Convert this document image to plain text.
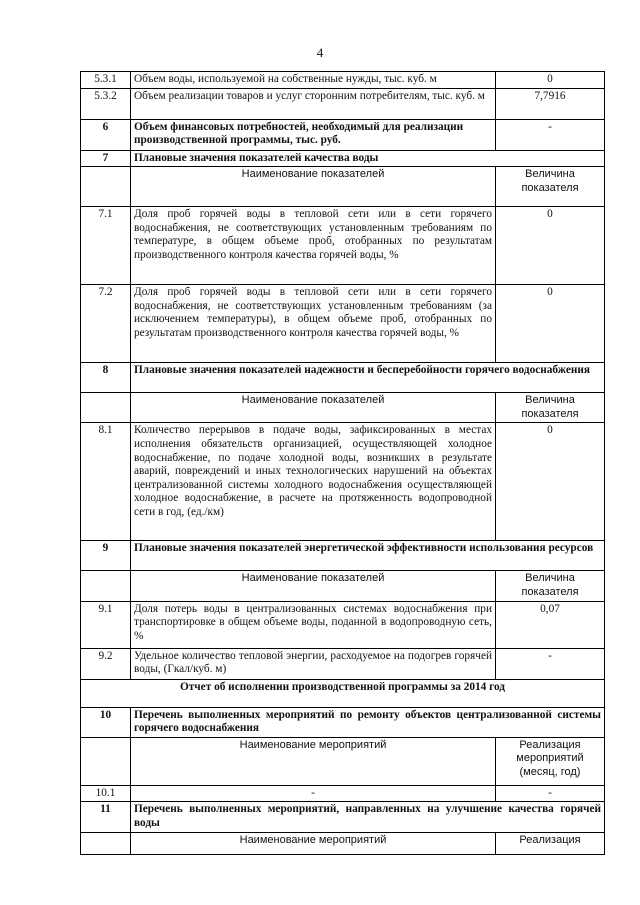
4
5.3.1	Объем воды, используемой на собственные нужды, тыс. куб. м	0
5.3.2	Объем реализации товаров и услуг сторонним потребителям, тыс. куб. м	7,7916
6	Объем финансовых потребностей, необходимый для реализации производственной программы, тыс. руб.	-
7	Плановые значения показателей качества воды	
	Наименование показателей	Величина показателя
7.1	Доля проб горячей воды в тепловой сети или в сети горячего водоснабжения, не соответствующих установленным требованиям по температуре, в общем объеме проб, отобранных по результатам производственного контроля качества горячей воды, %	0
7.2	Доля проб горячей воды в тепловой сети или в сети горячего водоснабжения, не соответствующих установленным требованиям (за исключением температуры), в общем объеме проб, отобранных по результатам производственного контроля качества горячей воды, %	0
8	Плановые значения показателей надежности и бесперебойности горячего водоснабжения	
	Наименование показателей	Величина показателя
8.1	Количество перерывов в подаче воды, зафиксированных в местах исполнения обязательств организацией, осуществляющей холодное водоснабжение, по подаче холодной воды, возникших в результате аварий, повреждений и иных технологических нарушений на объектах централизованной системы холодного водоснабжения осуществляющей холодное водоснабжение, в расчете на протяженность водопроводной сети в год, (ед./км)	0
9	Плановые значения показателей энергетической эффективности использования ресурсов	
	Наименование показателей	Величина показателя
9.1	Доля потерь воды в централизованных системах водоснабжения при транспортировке в общем объеме воды, поданной в водопроводную сеть, %	0,07
9.2	Удельное количество тепловой энергии, расходуемое на подогрев горячей воды, (Гкал/куб. м)	-
Отчет об исполнении производственной программы за 2014 год		
10	Перечень выполненных мероприятий по ремонту объектов централизованной системы горячего водоснабжения	
	Наименование мероприятий	Реализация мероприятий (месяц, год)
10.1	-	-
11	Перечень выполненных мероприятий, направленных на улучшение качества горячей воды	
	Наименование мероприятий	Реализация
